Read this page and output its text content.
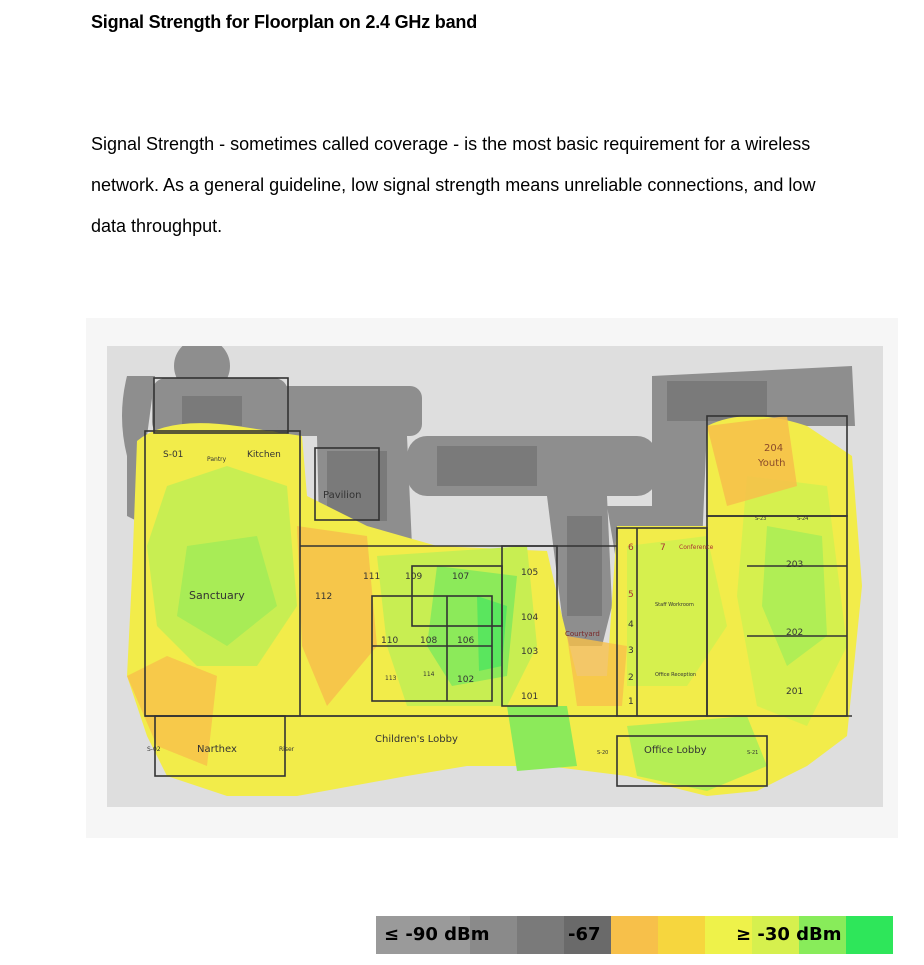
Signal Strength for Floorplan on 2.4 GHz band

Signal Strength - sometimes called coverage - is the most basic requirement for a wireless network. As a general guideline, low signal strength means unreliable connections, and low data throughput.

S-01	Pantry Kitchen
Pavilion
Sanctuary	112
111	109	107	105
104
103
110 108 106
113
114
102
101
Courtyard
Children's Lobby
Narthex
S-02	Riser	Office Lobby
1
2
3
4
5
6	7 Conference
Staff Workroom
Office Reception
204
Youth
203
202
201
S-21
S-23	S-24
S-20
≤ -90 dBm	-67	≥ -30 dBm
